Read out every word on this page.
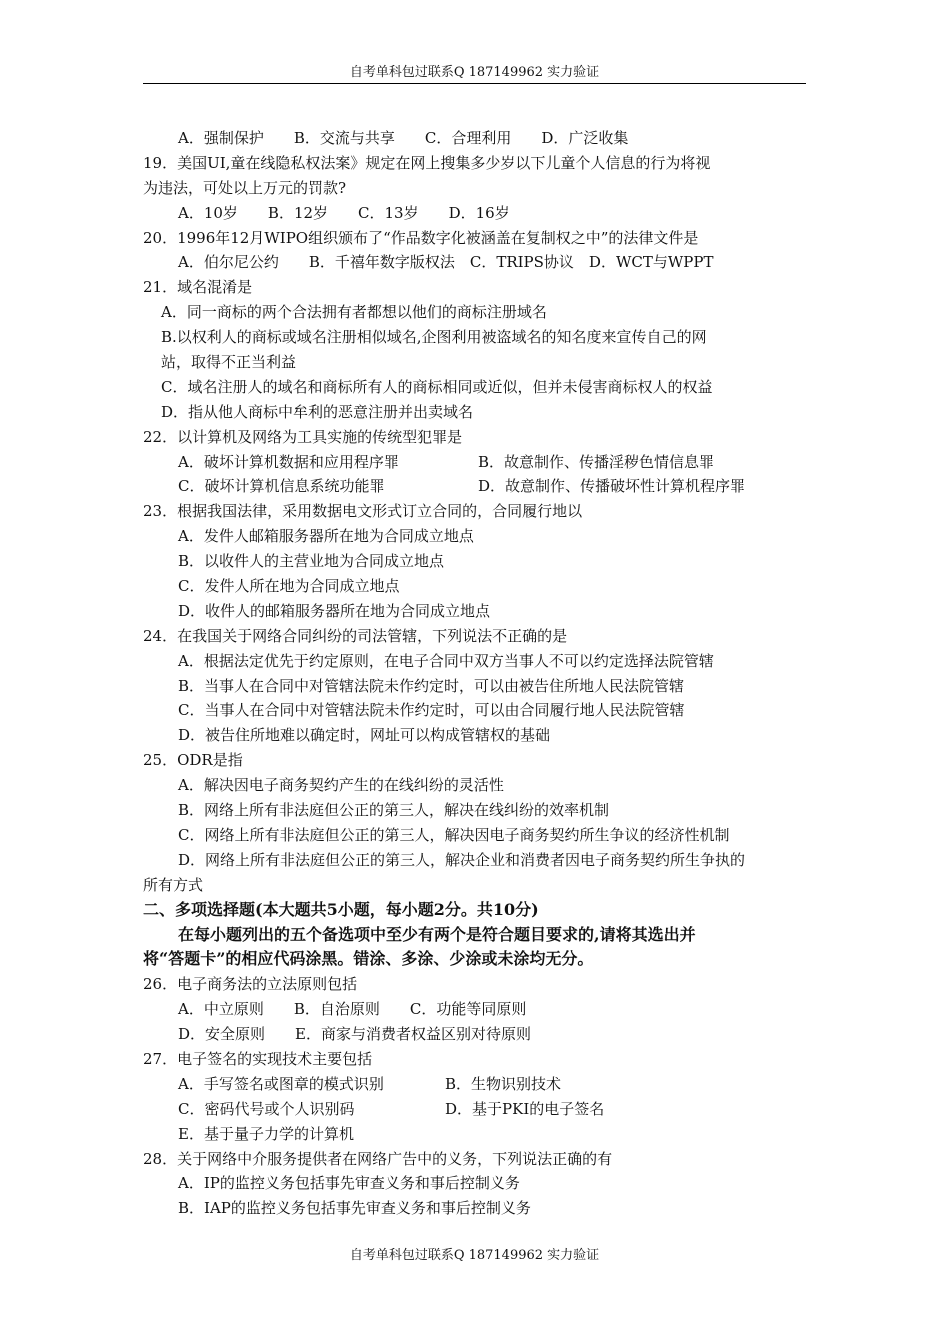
自考单科包过联系Q 187149962 实力验证
A．强制保护　　B．交流与共享　　C．合理利用　　D．广泛收集
19．美国UI,童在线隐私权法案》规定在网上搜集多少岁以下儿童个人信息的行为将视
为违法，可处以上万元的罚款?
A．10岁　　B．12岁　　C．13岁　　D．16岁
20．1996年12月WIPO组织颁布了“作品数字化被涵盖在复制权之中”的法律文件是
A．伯尔尼公约　　B．千禧年数字版权法　C．TRIPS协议　D．WCT与WPPT
21．域名混淆是
A．同一商标的两个合法拥有者都想以他们的商标注册域名
B.以权利人的商标或域名注册相似域名,企图利用被盗域名的知名度来宣传自己的网
站，取得不正当利益
C．域名注册人的域名和商标所有人的商标相同或近似，但并未侵害商标权人的权益
D．指从他人商标中牟利的恶意注册并出卖域名
22．以计算机及网络为工具实施的传统型犯罪是
A．破坏计算机数据和应用程序罪	B．故意制作、传播淫秽色情信息罪
C．破坏计算机信息系统功能罪	D．故意制作、传播破坏性计算机程序罪
23．根据我国法律，采用数据电文形式订立合同的，合同履行地以
A．发件人邮箱服务器所在地为合同成立地点
B．以收件人的主营业地为合同成立地点
C．发件人所在地为合同成立地点
D．收件人的邮箱服务器所在地为合同成立地点
24．在我国关于网络合同纠纷的司法管辖，下列说法不正确的是
A．根据法定优先于约定原则，在电子合同中双方当事人不可以约定选择法院管辖
B．当事人在合同中对管辖法院未作约定时，可以由被告住所地人民法院管辖
C．当事人在合同中对管辖法院未作约定时，可以由合同履行地人民法院管辖
D．被告住所地难以确定时，网址可以构成管辖权的基础
25．ODR是指
A．解决因电子商务契约产生的在线纠纷的灵活性
B．网络上所有非法庭但公正的第三人，解决在线纠纷的效率机制
C．网络上所有非法庭但公正的第三人，解决因电子商务契约所生争议的经济性机制
D．网络上所有非法庭但公正的第三人，解决企业和消费者因电子商务契约所生争执的
所有方式
二、多项选择题(本大题共5小题，每小题2分。共10分)
在每小题列出的五个备选项中至少有两个是符合题目要求的,请将其选出并
将“答题卡”的相应代码涂黑。错涂、多涂、少涂或未涂均无分。
26．电子商务法的立法原则包括
A．中立原则　　B．自治原则　　C．功能等同原则
D．安全原则　　E．商家与消费者权益区别对待原则
27．电子签名的实现技术主要包括
A．手写签名或图章的模式识别	B．生物识别技术
C．密码代号或个人识别码	D．基于PKI的电子签名
E．基于量子力学的计算机
28．关于网络中介服务提供者在网络广告中的义务，下列说法正确的有
A．IP的监控义务包括事先审查义务和事后控制义务
B．IAP的监控义务包括事先审查义务和事后控制义务
自考单科包过联系Q 187149962 实力验证
